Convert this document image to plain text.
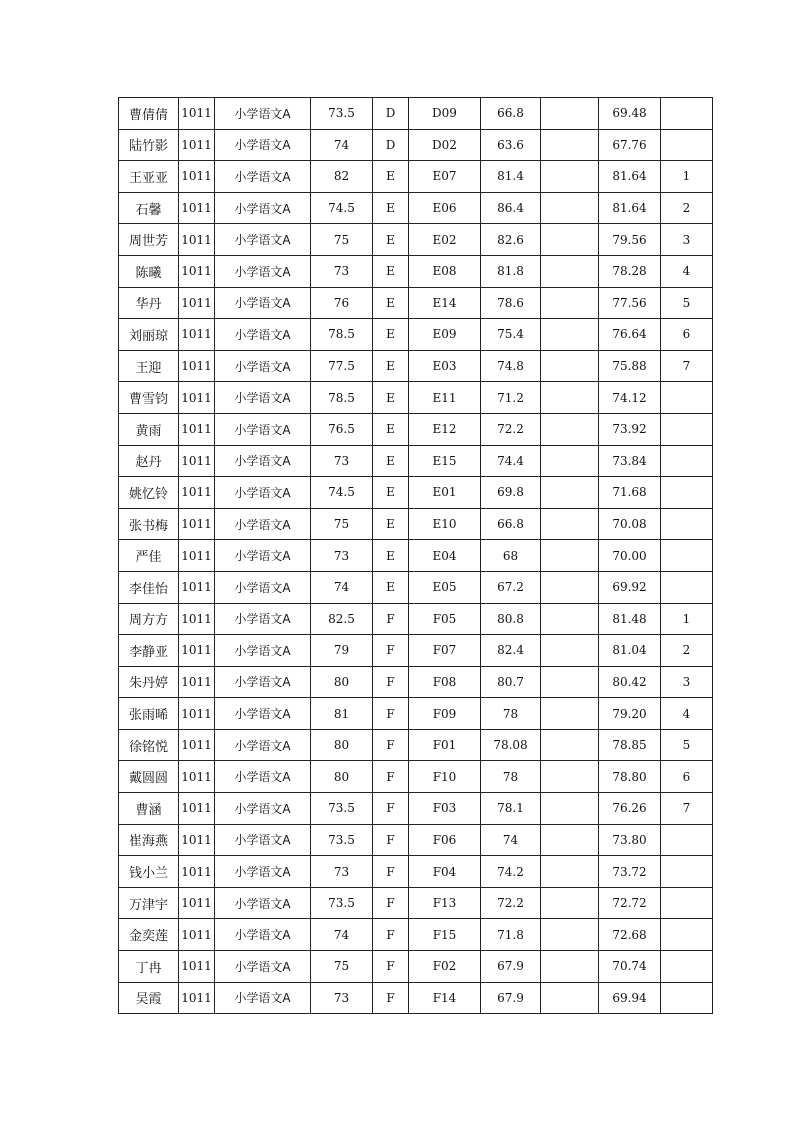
曹倩倩	1011	小学语文A	73.5	D	D09	66.8		69.48	
陆竹影	1011	小学语文A	74	D	D02	63.6		67.76	
王亚亚	1011	小学语文A	82	E	E07	81.4		81.64	1
石馨	1011	小学语文A	74.5	E	E06	86.4		81.64	2
周世芳	1011	小学语文A	75	E	E02	82.6		79.56	3
陈曦	1011	小学语文A	73	E	E08	81.8		78.28	4
华丹	1011	小学语文A	76	E	E14	78.6		77.56	5
刘丽琼	1011	小学语文A	78.5	E	E09	75.4		76.64	6
王迎	1011	小学语文A	77.5	E	E03	74.8		75.88	7
曹雪钧	1011	小学语文A	78.5	E	E11	71.2		74.12	
黄雨	1011	小学语文A	76.5	E	E12	72.2		73.92	
赵丹	1011	小学语文A	73	E	E15	74.4		73.84	
姚忆铃	1011	小学语文A	74.5	E	E01	69.8		71.68	
张书梅	1011	小学语文A	75	E	E10	66.8		70.08	
严佳	1011	小学语文A	73	E	E04	68		70.00	
李佳怡	1011	小学语文A	74	E	E05	67.2		69.92	
周方方	1011	小学语文A	82.5	F	F05	80.8		81.48	1
李静亚	1011	小学语文A	79	F	F07	82.4		81.04	2
朱丹婷	1011	小学语文A	80	F	F08	80.7		80.42	3
张雨晞	1011	小学语文A	81	F	F09	78		79.20	4
徐铭悦	1011	小学语文A	80	F	F01	78.08		78.85	5
戴圆圆	1011	小学语文A	80	F	F10	78		78.80	6
曹涵	1011	小学语文A	73.5	F	F03	78.1		76.26	7
崔海燕	1011	小学语文A	73.5	F	F06	74		73.80	
钱小兰	1011	小学语文A	73	F	F04	74.2		73.72	
万津宇	1011	小学语文A	73.5	F	F13	72.2		72.72	
金奕莲	1011	小学语文A	74	F	F15	71.8		72.68	
丁冉	1011	小学语文A	75	F	F02	67.9		70.74	
吴霞	1011	小学语文A	73	F	F14	67.9		69.94	
